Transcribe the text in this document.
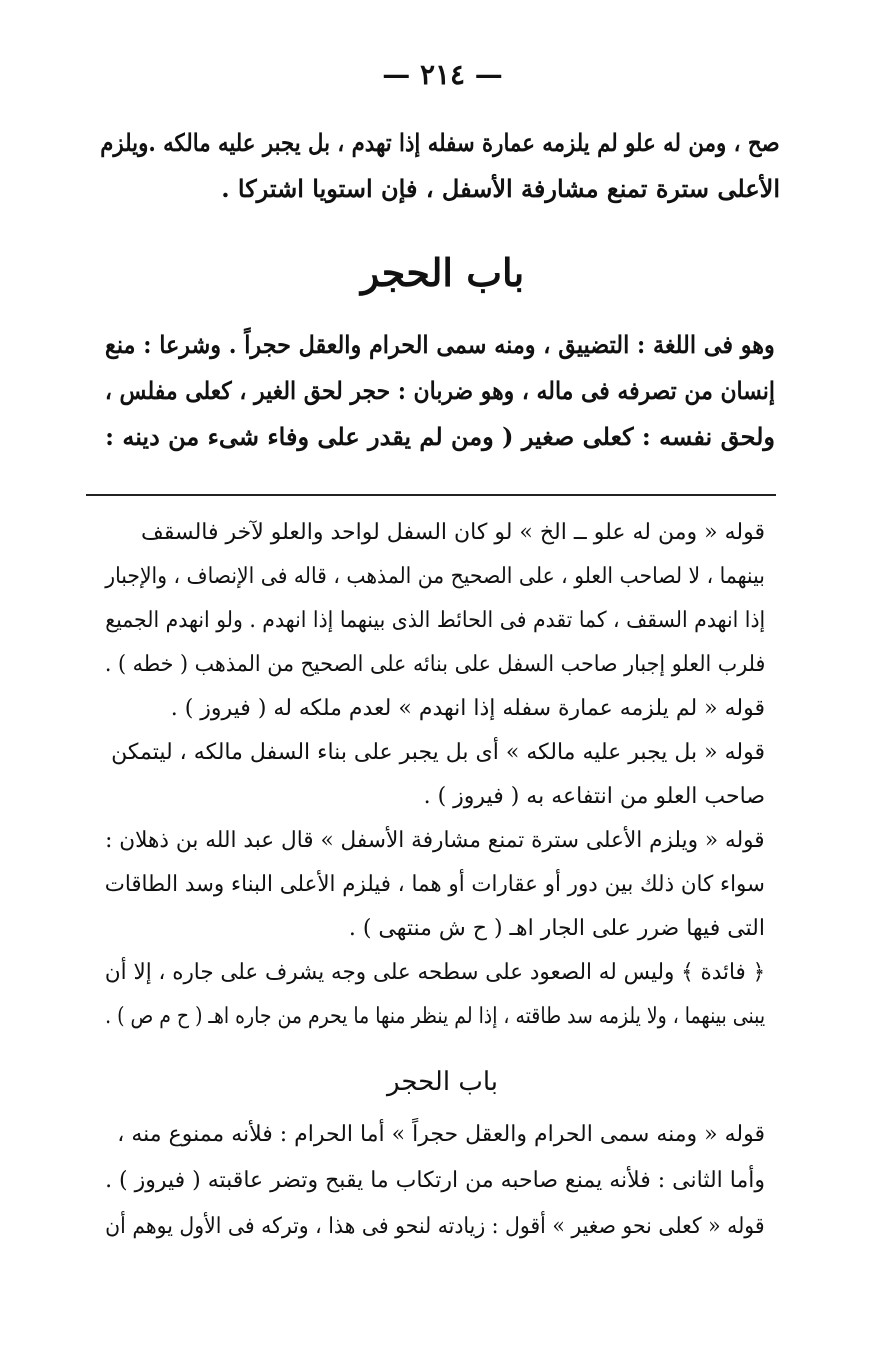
— ٢١٤ —
صح ، ومن له علو لم يلزمه عمارة سفله إذا تهدم ، بل يجبر عليه مالكه .ويلزم
الأعلى سترة تمنع مشارفة الأسفل ، فإن استويا اشتركا .
باب الحجر
وهو فى اللغة : التضييق ، ومنه سمى الحرام والعقل حجراً . وشرعا : منع
إنسان من تصرفه فى ماله ، وهو ضربان : حجر لحق الغير ، كعلى مفلس ،
ولحق نفسه : كعلى صغير ( ومن لم يقدر على وفاء شىء من دينه :
قوله « ومن له علو ــ الخ » لو كان السفل لواحد والعلو لآخر فالسقف
بينهما ، لا لصاحب العلو ، على الصحيح من المذهب ، قاله فى الإنصاف ، والإجبار
إذا انهدم السقف ، كما تقدم فى الحائط الذى بينهما إذا انهدم . ولو انهدم الجميع
فلرب العلو إجبار صاحب السفل على بنائه على الصحيح من المذهب ( خطه ) .
قوله « لم يلزمه عمارة سفله إذا انهدم » لعدم ملكه له ( فيروز ) .
قوله « بل يجبر عليه مالكه » أى بل يجبر على بناء السفل مالكه ، ليتمكن
صاحب العلو من انتفاعه به ( فيروز ) .
قوله « ويلزم الأعلى سترة تمنع مشارفة الأسفل » قال عبد الله بن ذهلان :
سواء كان ذلك بين دور أو عقارات أو هما ، فيلزم الأعلى البناء وسد الطاقات
التى فيها ضرر على الجار اهـ ( ح ش منتهى ) .
﴿ فائدة ﴾ وليس له الصعود على سطحه على وجه يشرف على جاره ، إلا أن
يبنى بينهما ، ولا يلزمه سد طاقته ، إذا لم ينظر منها ما يحرم من جاره اهـ ( ح م ص ) .
باب الحجر
قوله « ومنه سمى الحرام والعقل حجراً » أما الحرام : فلأنه ممنوع منه ،
وأما الثانى : فلأنه يمنع صاحبه من ارتكاب ما يقبح وتضر عاقبته ( فيروز ) .
قوله « كعلى نحو صغير » أقول : زيادته لنحو فى هذا ، وتركه فى الأول يوهم أن
